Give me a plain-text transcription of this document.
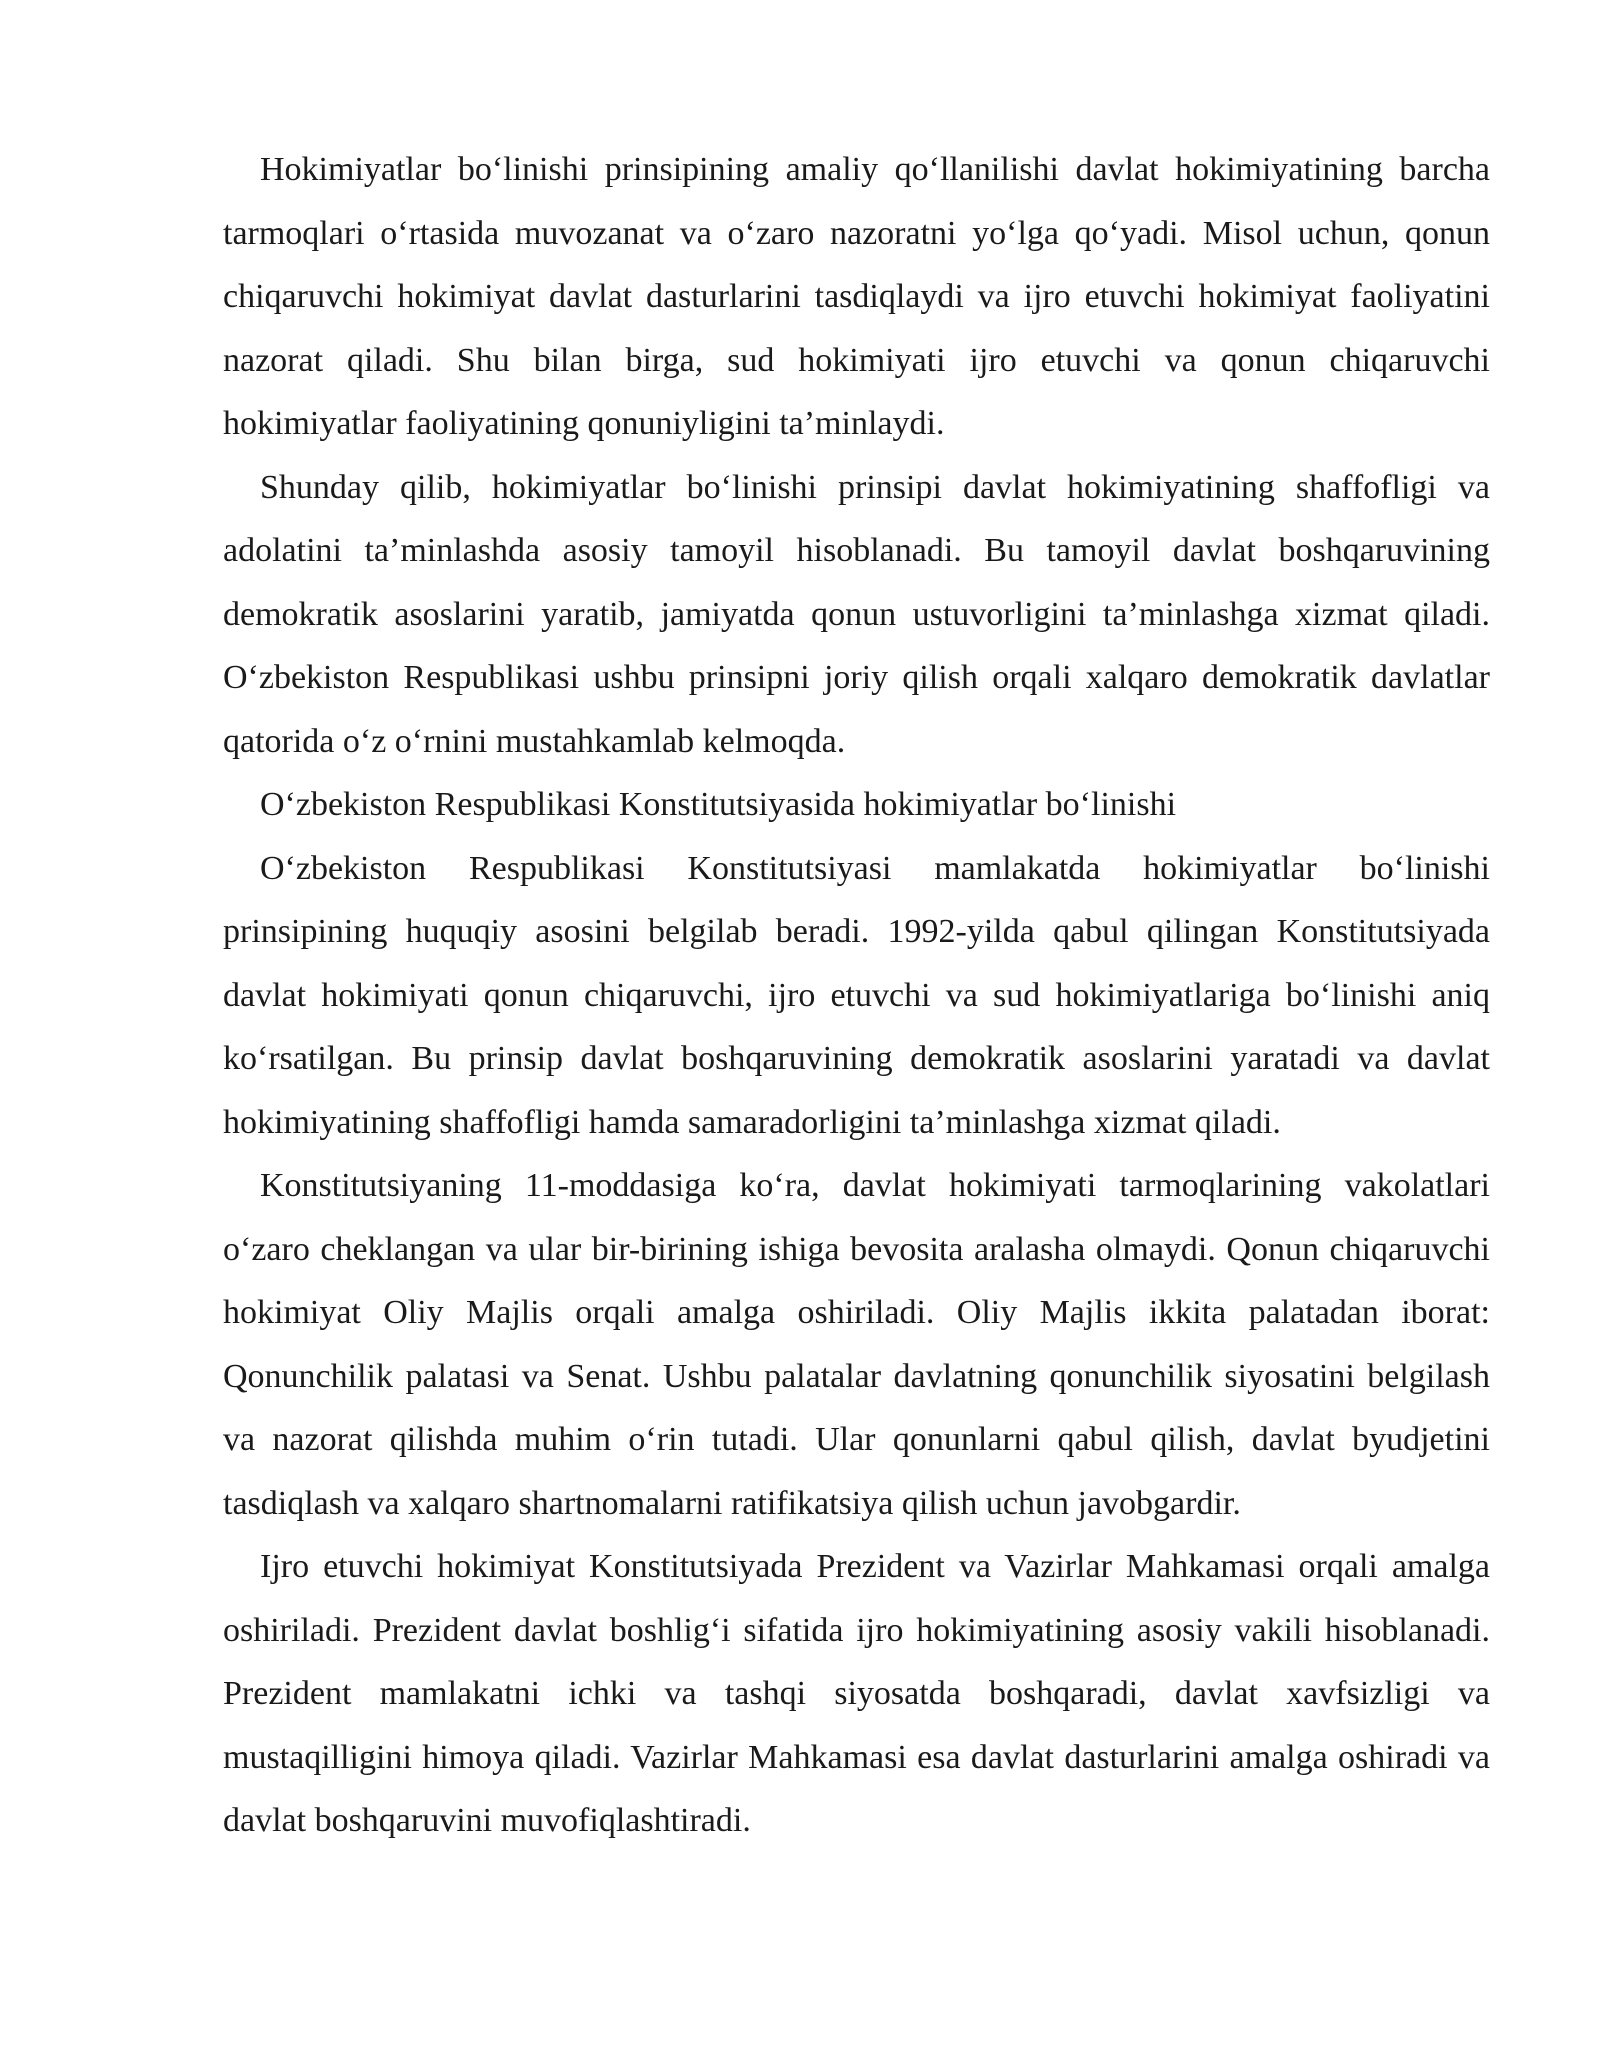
Hokimiyatlar boʻlinishi prinsipining amaliy qoʻllanilishi davlat hokimiyatining barcha tarmoqlari oʻrtasida muvozanat va oʻzaro nazoratni yoʻlga qoʻyadi. Misol uchun, qonun chiqaruvchi hokimiyat davlat dasturlarini tasdiqlaydi va ijro etuvchi hokimiyat faoliyatini nazorat qiladi. Shu bilan birga, sud hokimiyati ijro etuvchi va qonun chiqaruvchi hokimiyatlar faoliyatining qonuniyligini ta’minlaydi.

Shunday qilib, hokimiyatlar boʻlinishi prinsipi davlat hokimiyatining shaffofligi va adolatini ta’minlashda asosiy tamoyil hisoblanadi. Bu tamoyil davlat boshqaruvining demokratik asoslarini yaratib, jamiyatda qonun ustuvorligini ta’minlashga xizmat qiladi. Oʻzbekiston Respublikasi ushbu prinsipni joriy qilish orqali xalqaro demokratik davlatlar qatorida oʻz oʻrnini mustahkamlab kelmoqda.

Oʻzbekiston Respublikasi Konstitutsiyasida hokimiyatlar boʻlinishi

Oʻzbekiston Respublikasi Konstitutsiyasi mamlakatda hokimiyatlar boʻlinishi prinsipining huquqiy asosini belgilab beradi. 1992-yilda qabul qilingan Konstitutsiyada davlat hokimiyati qonun chiqaruvchi, ijro etuvchi va sud hokimiyatlariga boʻlinishi aniq koʻrsatilgan. Bu prinsip davlat boshqaruvining demokratik asoslarini yaratadi va davlat hokimiyatining shaffofligi hamda samaradorligini ta’minlashga xizmat qiladi.

Konstitutsiyaning 11-moddasiga koʻra, davlat hokimiyati tarmoqlarining vakolatlari oʻzaro cheklangan va ular bir-birining ishiga bevosita aralasha olmaydi. Qonun chiqaruvchi hokimiyat Oliy Majlis orqali amalga oshiriladi. Oliy Majlis ikkita palatadan iborat: Qonunchilik palatasi va Senat. Ushbu palatalar davlatning qonunchilik siyosatini belgilash va nazorat qilishda muhim oʻrin tutadi. Ular qonunlarni qabul qilish, davlat byudjetini tasdiqlash va xalqaro shartnomalarni ratifikatsiya qilish uchun javobgardir.

Ijro etuvchi hokimiyat Konstitutsiyada Prezident va Vazirlar Mahkamasi orqali amalga oshiriladi. Prezident davlat boshligʻi sifatida ijro hokimiyatining asosiy vakili hisoblanadi. Prezident mamlakatni ichki va tashqi siyosatda boshqaradi, davlat xavfsizligi va mustaqilligini himoya qiladi. Vazirlar Mahkamasi esa davlat dasturlarini amalga oshiradi va davlat boshqaruvini muvofiqlashtiradi.
